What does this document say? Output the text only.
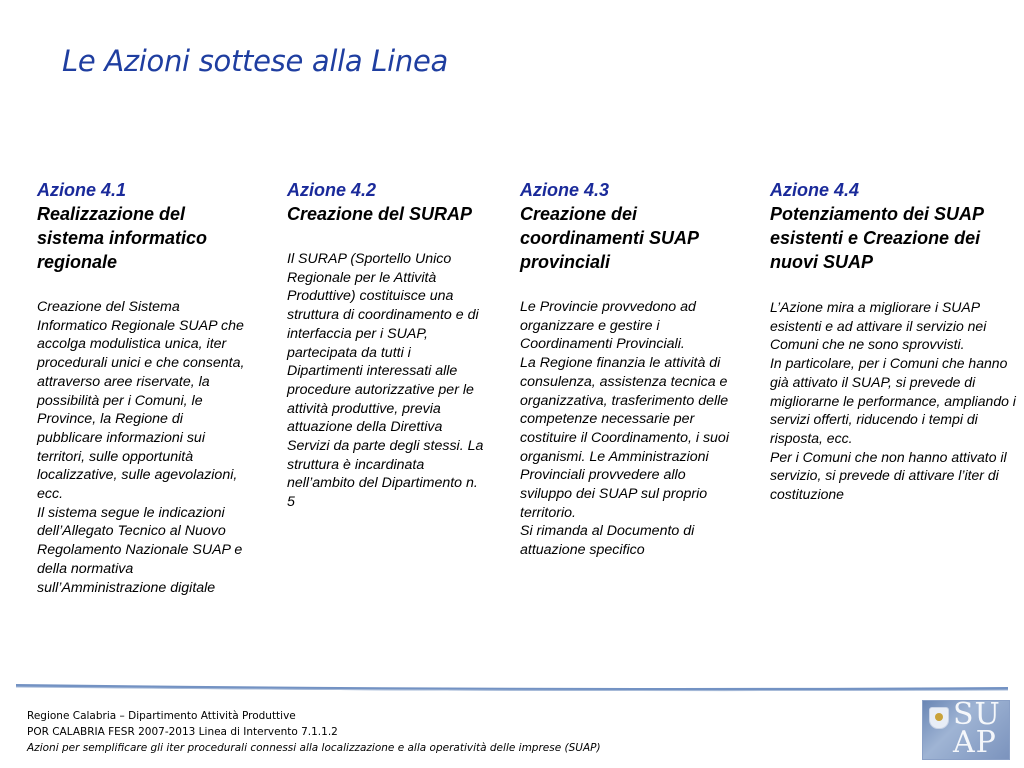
Le Azioni sottese alla Linea
Azione 4.1
Realizzazione del sistema informatico regionale
Creazione del Sistema Informatico Regionale SUAP che accolga modulistica unica, iter procedurali unici e che consenta, attraverso aree riservate, la possibilità per i Comuni, le Province, la Regione di pubblicare informazioni sui territori, sulle opportunità localizzative, sulle agevolazioni, ecc.
Il sistema segue le indicazioni dell’Allegato Tecnico al Nuovo Regolamento Nazionale SUAP e della normativa sull’Amministrazione digitale
Azione 4.2
Creazione del SURAP
Il SURAP (Sportello Unico Regionale per le Attività Produttive) costituisce una struttura di coordinamento e di interfaccia per i SUAP, partecipata da tutti i Dipartimenti interessati alle procedure autorizzative per le attività produttive, previa attuazione della Direttiva Servizi da parte degli stessi. La struttura è incardinata nell’ambito del Dipartimento n. 5
Azione 4.3
Creazione dei coordinamenti SUAP provinciali
Le Provincie provvedono ad organizzare e gestire i Coordinamenti Provinciali.
La Regione finanzia le attività di consulenza, assistenza tecnica e organizzativa, trasferimento delle competenze necessarie per costituire il Coordinamento, i suoi organismi. Le Amministrazioni Provinciali provvedere allo sviluppo dei SUAP sul proprio territorio.
Si rimanda al Documento di attuazione specifico
Azione 4.4
Potenziamento dei SUAP esistenti e Creazione dei nuovi SUAP
L’Azione mira a migliorare i SUAP esistenti e ad attivare il servizio nei Comuni che ne sono sprovvisti.
In particolare, per i Comuni che hanno già attivato il SUAP, si prevede di migliorarne le performance, ampliando i servizi offerti, riducendo i tempi di risposta, ecc.
Per i Comuni che non hanno attivato il servizio, si prevede di attivare l’iter di costituzione
Regione Calabria – Dipartimento Attività Produttive
POR CALABRIA FESR 2007-2013 Linea di Intervento 7.1.1.2
Azioni per semplificare gli iter procedurali connessi alla localizzazione e alla operatività delle imprese (SUAP)
SU
AP
